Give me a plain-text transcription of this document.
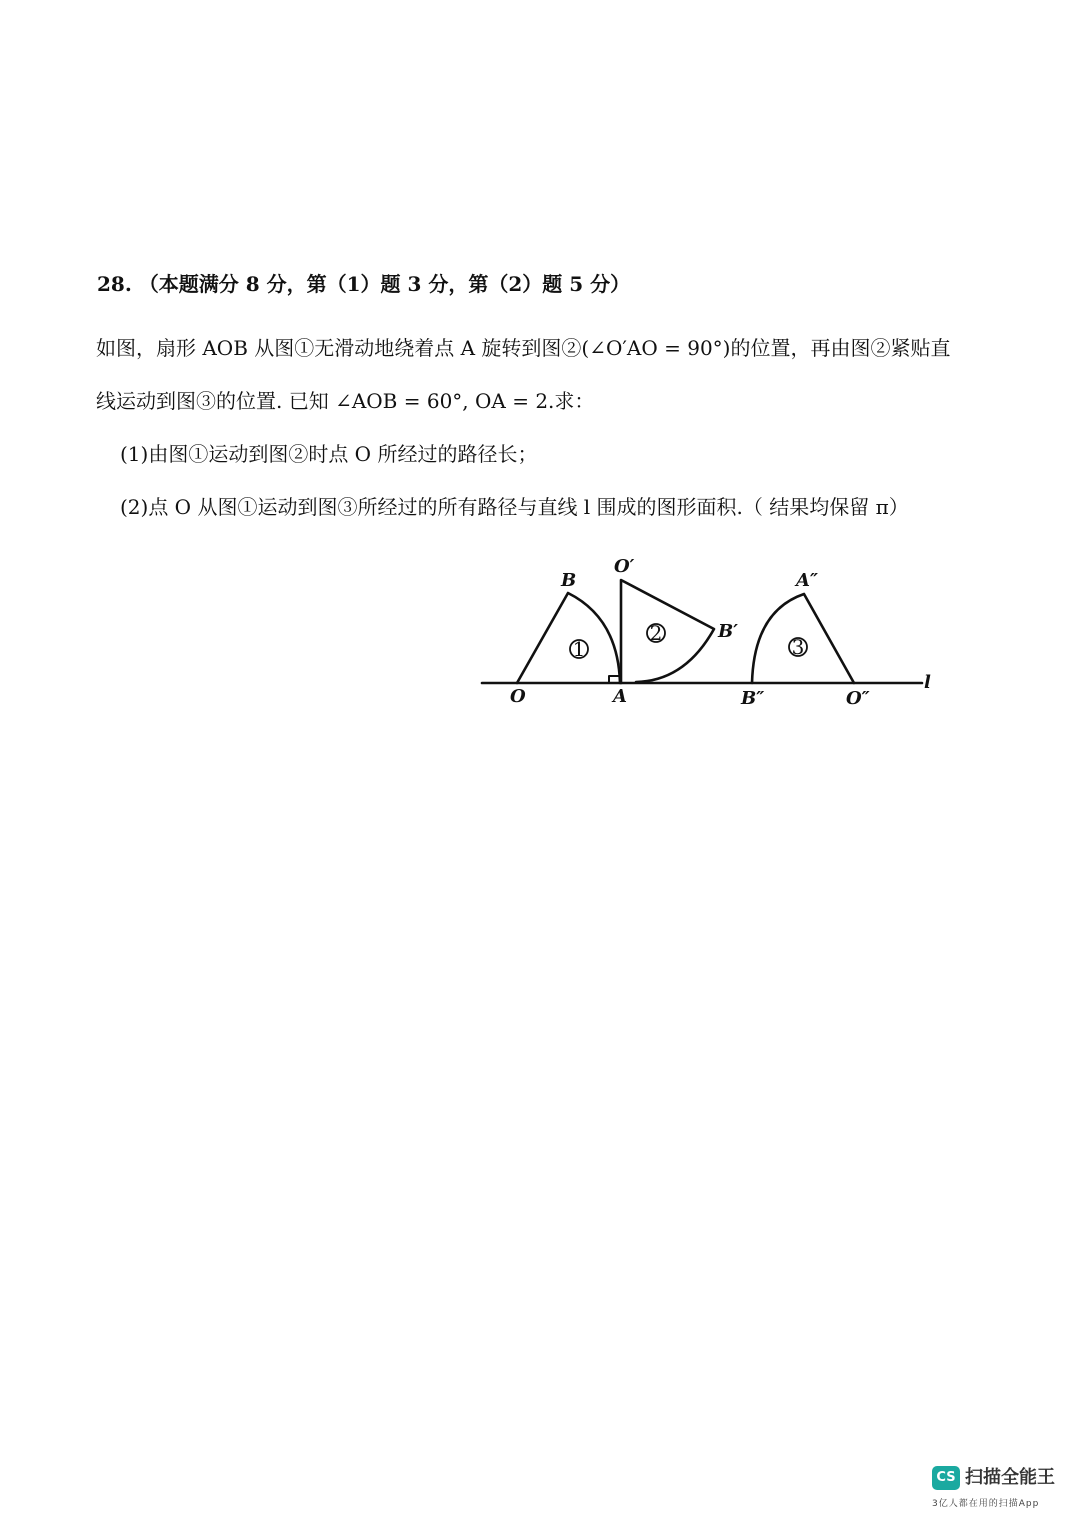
28. （本题满分 8 分，第（1）题 3 分，第（2）题 5 分）
如图，扇形 AOB 从图①无滑动地绕着点 A 旋转到图②(∠O′AO = 90°)的位置，再由图②紧贴直
线运动到图③的位置. 已知 ∠AOB = 60°, OA = 2.求：
(1)由图①运动到图②时点 O 所经过的路径长；
(2)点 O 从图①运动到图③所经过的所有路径与直线 l 围成的图形面积.（ 结果均保留 π）
O	A
B
O′
B′
A″
B″	O″
l
1
2
3
CS 扫描全能王
3亿人都在用的扫描App
